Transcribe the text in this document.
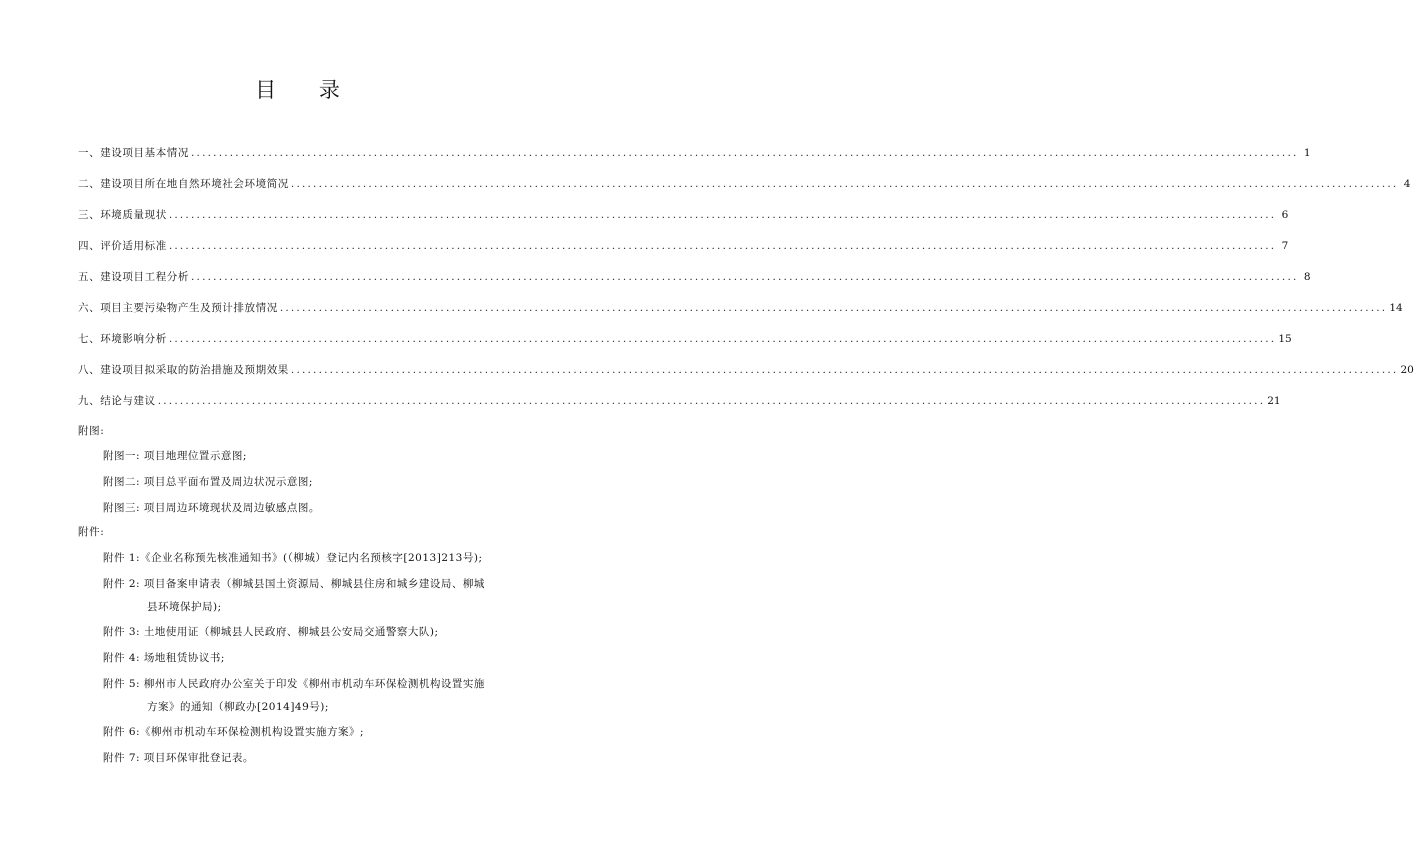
目 录
一、建设项目基本情况 ........................................................................................................................................................................................................ 1
二、建设项目所在地自然环境社会环境简况 ........................................................................................................................................................................................................ 4
三、环境质量现状 ........................................................................................................................................................................................................ 6
四、评价适用标准 ........................................................................................................................................................................................................ 7
五、建设项目工程分析 ........................................................................................................................................................................................................ 8
六、项目主要污染物产生及预计排放情况 ........................................................................................................................................................................................................ 14
七、环境影响分析 ........................................................................................................................................................................................................ 15
八、建设项目拟采取的防治措施及预期效果 ........................................................................................................................................................................................................ 20
九、结论与建议 ........................................................................................................................................................................................................ 21
附图:
附图一: 项目地理位置示意图;
附图二: 项目总平面布置及周边状况示意图;
附图三: 项目周边环境现状及周边敏感点图。
附件:
附件 1:《企业名称预先核准通知书》(（柳城）登记内名预核字[2013]213号);
附件 2: 项目备案申请表（柳城县国土资源局、柳城县住房和城乡建设局、柳城
县环境保护局);
附件 3: 土地使用证（柳城县人民政府、柳城县公安局交通警察大队);
附件 4: 场地租赁协议书;
附件 5: 柳州市人民政府办公室关于印发《柳州市机动车环保检测机构设置实施
方案》的通知（柳政办[2014]49号);
附件 6:《柳州市机动车环保检测机构设置实施方案》;
附件 7: 项目环保审批登记表。
